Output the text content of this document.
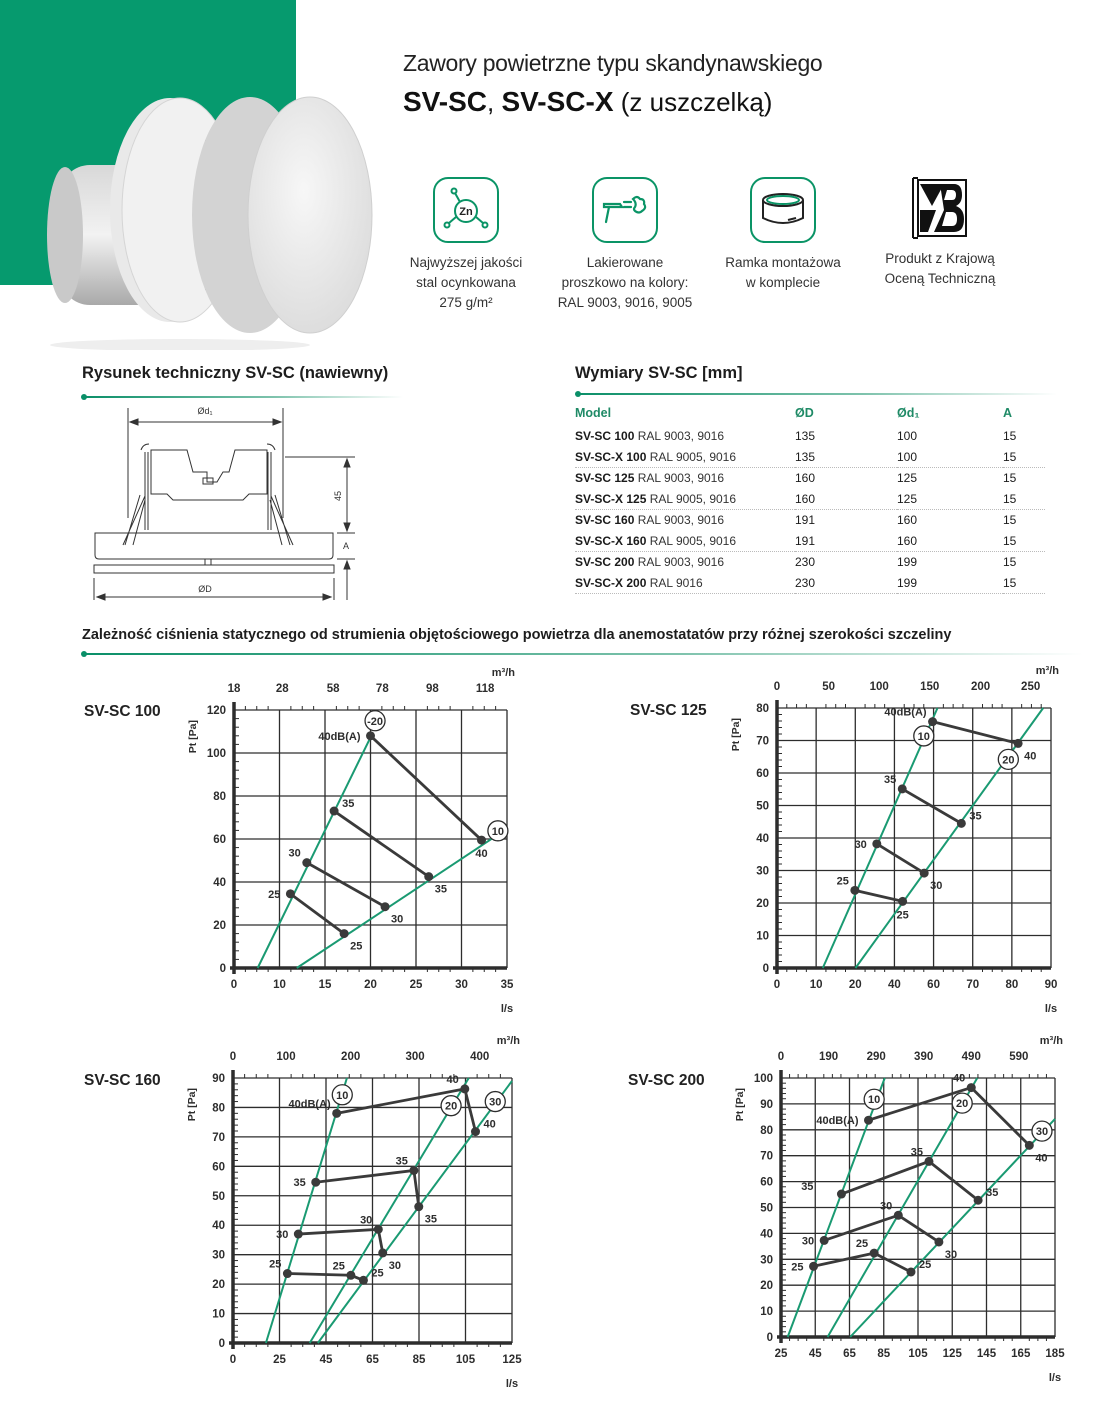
Zawory powietrzne typu skandynawskiego
SV-SC, SV-SC-X (z uszczelką)
Zn
Najwyższej jakości
stal ocynkowana
275 g/m²
Lakierowane
proszkowo na kolory:
RAL 9003, 9016, 9005
Ramka montażowa
w komplecie
Produkt z Krajową
Oceną Techniczną
Rysunek techniczny SV-SC (nawiewny)
Ød₁
ØD
45
A
Wymiary SV-SC [mm]
Model	ØD	Ød₁	A
SV-SC 100 RAL 9003, 9016	135	100	15
SV-SC-X 100 RAL 9005, 9016	135	100	15
SV-SC 125 RAL 9003, 9016	160	125	15
SV-SC-X 125 RAL 9005, 9016	160	125	15
SV-SC 160 RAL 9003, 9016	191	160	15
SV-SC-X 160 RAL 9005, 9016	191	160	15
SV-SC 200 RAL 9003, 9016	230	199	15
SV-SC-X 200 RAL 9016	230	199	15
Zależność ciśnienia statycznego od strumienia objętościowego powietrza dla anemostatatów przy różnej szerokości szczeliny
SV-SC 100	SV-SC 125
SV-SC 160	SV-SC 200
0	10	15	20	25	30	35
0
20
40
60
80
100
120
18	28	58	78	98	118
m³/h
l/s
Pt [Pa]	-20
10
40dB(A)
40
35
35
30
30
25
25
0	10 20 40 60 70 80 90
0
10
20
30
40
50
60
70
80
0	50	100	150	200	250
m³/h
l/s
Pt [Pa]	10
20
40dB(A)
40
35
35
30
30
25
25
0	25	45	65	85	105 125
0
10
20
30
40
50
60
70
80
90
0	100	200	300	400
m³/h
l/s
Pt [Pa]	10
20	30
40dB(A)
40
40
35
35
35
30
30
30
25	25
25
25 45 65 85 105 125 145 165 185
0
10
20
30
40
50
60
70
80
90
100
0	190 290 390 490 590
m³/h
l/s
Pt [Pa]	10	20
30
40dB(A)
40
40
35
35
35
30
30
30
25
25
25
